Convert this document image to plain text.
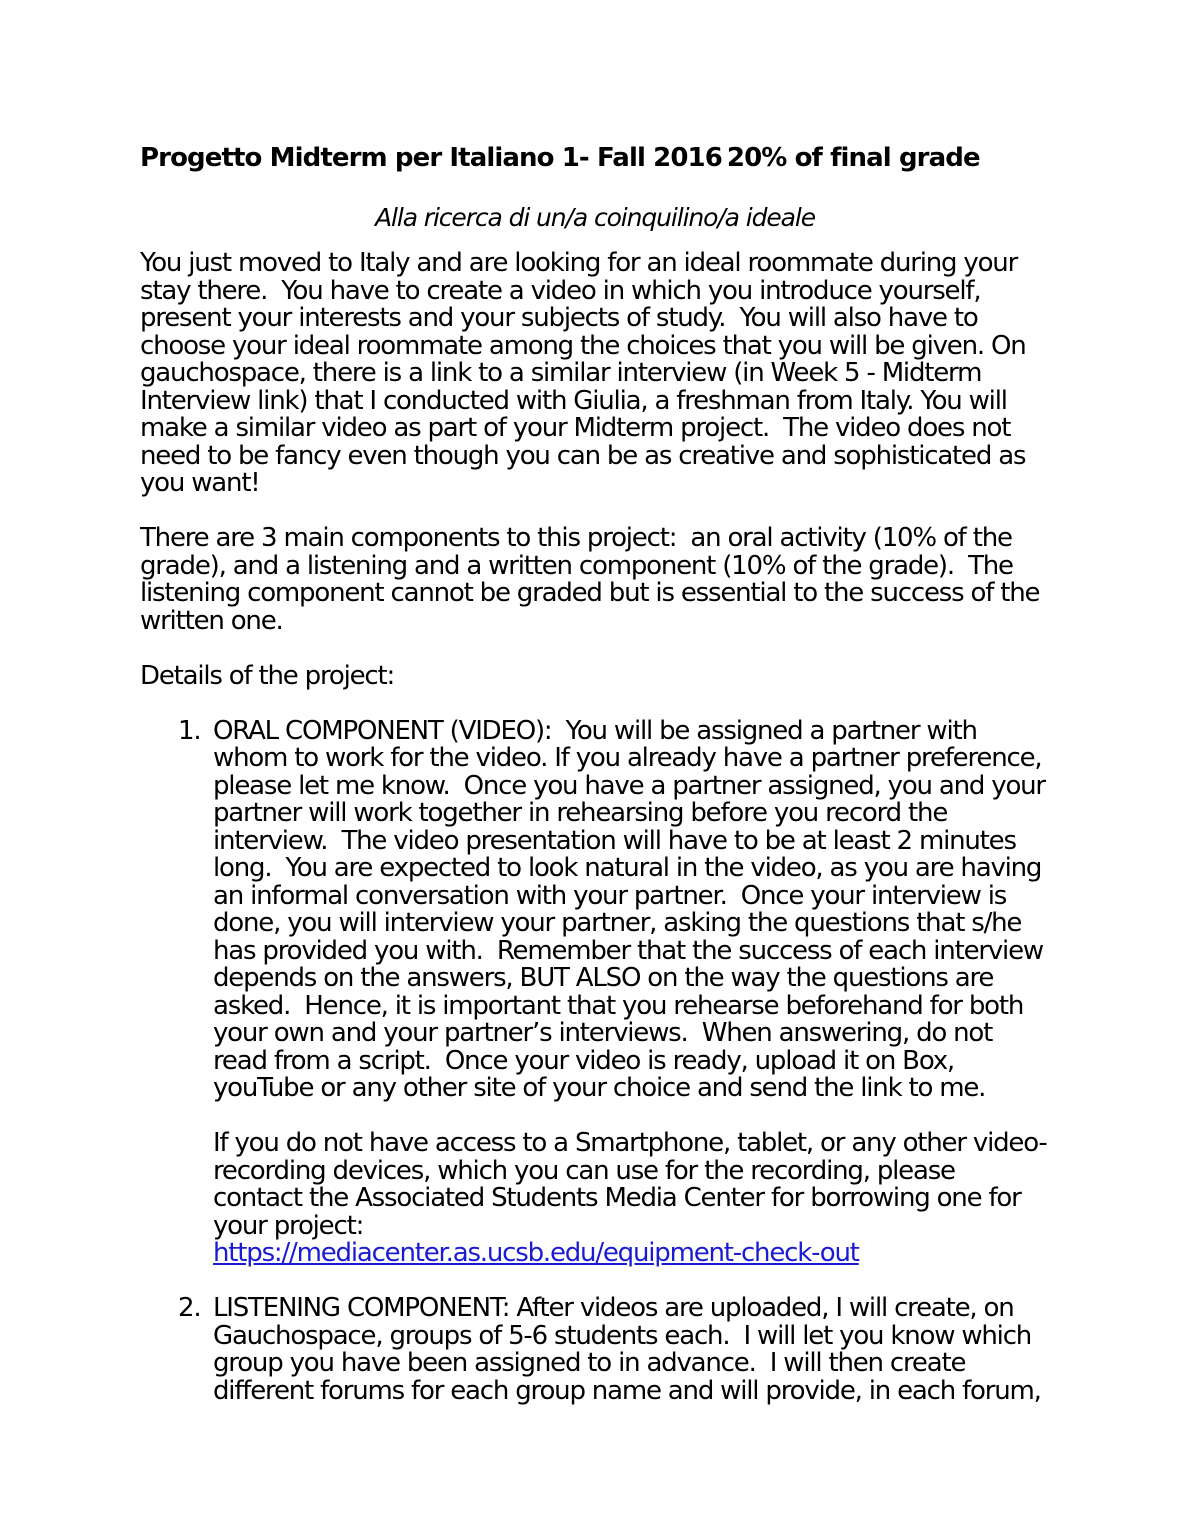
Progetto Midterm per Italiano 1- Fall 2016 20% of final grade

Alla ricerca di un/a coinquilino/a ideale

You just moved to Italy and are looking for an ideal roommate during your stay there.  You have to create a video in which you introduce yourself, present your interests and your subjects of study.  You will also have to choose your ideal roommate among the choices that you will be given. On gauchospace, there is a link to a similar interview (in Week 5 - Midterm Interview link) that I conducted with Giulia, a freshman from Italy. You will make a similar video as part of your Midterm project.  The video does not need to be fancy even though you can be as creative and sophisticated as you want!

There are 3 main components to this project:  an oral activity (10% of the grade), and a listening and a written component (10% of the grade).  The listening component cannot be graded but is essential to the success of the written one.

Details of the project:

1. ORAL COMPONENT (VIDEO):  You will be assigned a partner with whom to work for the video. If you already have a partner preference, please let me know.  Once you have a partner assigned, you and your partner will work together in rehearsing before you record the interview.  The video presentation will have to be at least 2 minutes long.  You are expected to look natural in the video, as you are having an informal conversation with your partner.  Once your interview is done, you will interview your partner, asking the questions that s/he has provided you with.  Remember that the success of each interview depends on the answers, BUT ALSO on the way the questions are asked.  Hence, it is important that you rehearse beforehand for both your own and your partner’s interviews.  When answering, do not read from a script.  Once your video is ready, upload it on Box, youTube or any other site of your choice and send the link to me.

If you do not have access to a Smartphone, tablet, or any other video-recording devices, which you can use for the recording, please contact the Associated Students Media Center for borrowing one for your project:

https://mediacenter.as.ucsb.edu/equipment-check-out

2. LISTENING COMPONENT: After videos are uploaded, I will create, on Gauchospace, groups of 5-6 students each.  I will let you know which group you have been assigned to in advance.  I will then create different forums for each group name and will provide, in each forum,
